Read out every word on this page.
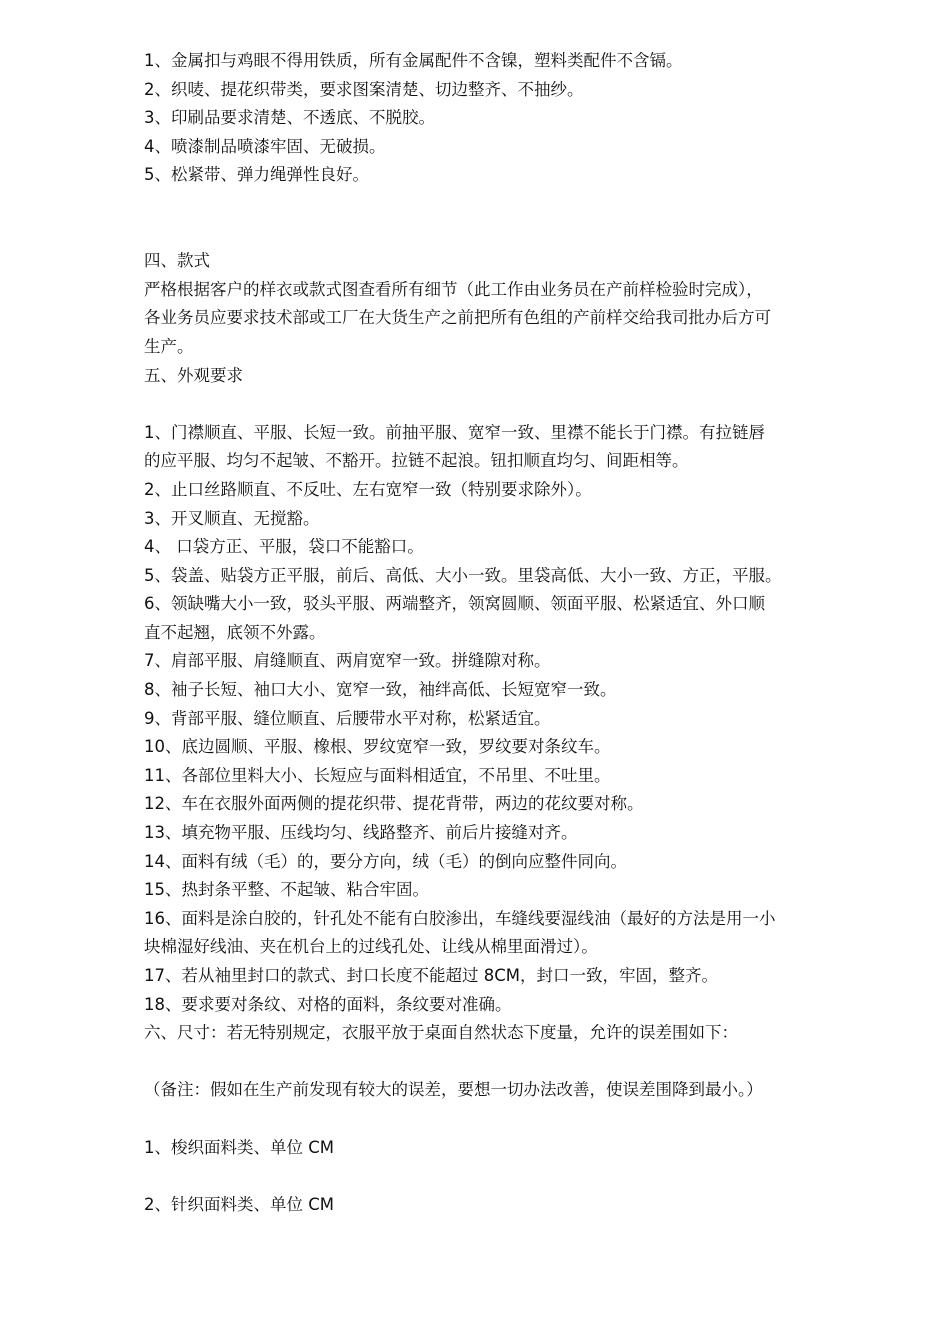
1、金属扣与鸡眼不得用铁质，所有金属配件不含镍，塑料类配件不含镉。
2、织唛、提花织带类，要求图案清楚、切边整齐、不抽纱。
3、印刷品要求清楚、不透底、不脱胶。
4、喷漆制品喷漆牢固、无破损。
5、松紧带、弹力绳弹性良好。
四、款式
严格根据客户的样衣或款式图查看所有细节（此工作由业务员在产前样检验时完成），
各业务员应要求技术部或工厂在大货生产之前把所有色组的产前样交给我司批办后方可
生产。
五、外观要求
1、门襟顺直、平服、长短一致。前抽平服、宽窄一致、里襟不能长于门襟。有拉链唇
的应平服、均匀不起皱、不豁开。拉链不起浪。钮扣顺直均匀、间距相等。
2、止口丝路顺直、不反吐、左右宽窄一致（特别要求除外）。
3、开叉顺直、无搅豁。
4、 口袋方正、平服，袋口不能豁口。
5、袋盖、贴袋方正平服，前后、高低、大小一致。里袋高低、大小一致、方正，平服。
6、领缺嘴大小一致，驳头平服、两端整齐，领窝圆顺、领面平服、松紧适宜、外口顺
直不起翘，底领不外露。
7、肩部平服、肩缝顺直、两肩宽窄一致。拼缝隙对称。
8、袖子长短、袖口大小、宽窄一致，袖绊高低、长短宽窄一致。
9、背部平服、缝位顺直、后腰带水平对称，松紧适宜。
10、底边圆顺、平服、橡根、罗纹宽窄一致，罗纹要对条纹车。
11、各部位里料大小、长短应与面料相适宜，不吊里、不吐里。
12、车在衣服外面两侧的提花织带、提花背带，两边的花纹要对称。
13、填充物平服、压线均匀、线路整齐、前后片接缝对齐。
14、面料有绒（毛）的，要分方向，绒（毛）的倒向应整件同向。
15、热封条平整、不起皱、粘合牢固。
16、面料是涂白胶的，针孔处不能有白胶渗出，车缝线要湿线油（最好的方法是用一小
块棉湿好线油、夹在机台上的过线孔处、让线从棉里面滑过）。
17、若从袖里封口的款式、封口长度不能超过 8CM，封口一致，牢固，整齐。
18、要求要对条纹、对格的面料，条纹要对准确。
六、尺寸：若无特别规定，衣服平放于桌面自然状态下度量，允许的误差围如下：
（备注：假如在生产前发现有较大的误差，要想一切办法改善，使误差围降到最小。）
1、梭织面料类、单位 CM
2、针织面料类、单位 CM
